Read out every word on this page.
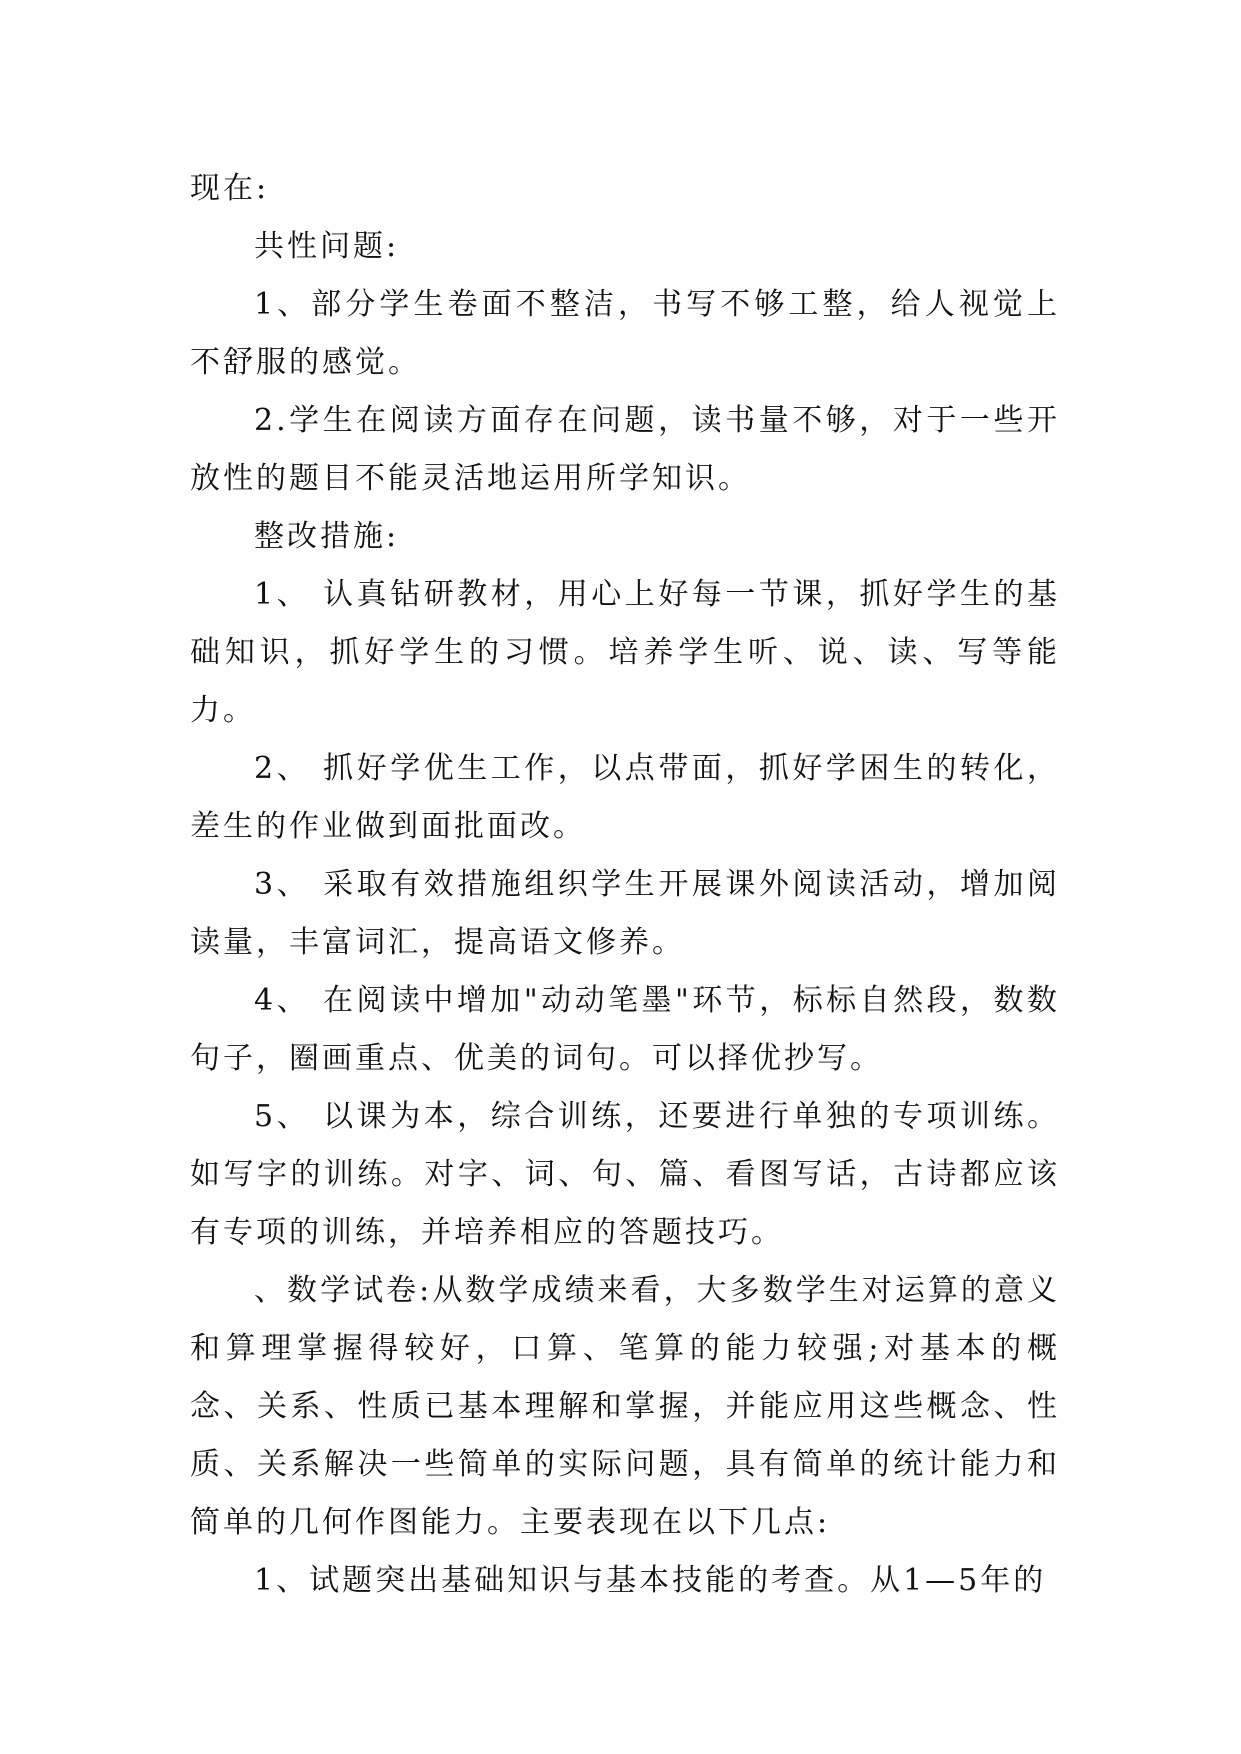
现在:

共性问题:

1、部分学生卷面不整洁，书写不够工整，给人视觉上不舒服的感觉。

2.学生在阅读方面存在问题，读书量不够，对于一些开放性的题目不能灵活地运用所学知识。

整改措施:

1、 认真钻研教材，用心上好每一节课，抓好学生的基础知识，抓好学生的习惯。培养学生听、说、读、写等能力。

2、 抓好学优生工作，以点带面，抓好学困生的转化，差生的作业做到面批面改。

3、 采取有效措施组织学生开展课外阅读活动，增加阅读量，丰富词汇，提高语文修养。

4、 在阅读中增加"动动笔墨"环节，标标自然段，数数句子，圈画重点、优美的词句。可以择优抄写。

5、 以课为本，综合训练，还要进行单独的专项训练。如写字的训练。对字、词、句、篇、看图写话，古诗都应该有专项的训练，并培养相应的答题技巧。

、数学试卷:从数学成绩来看，大多数学生对运算的意义和算理掌握得较好，口算、笔算的能力较强;对基本的概念、关系、性质已基本理解和掌握，并能应用这些概念、性质、关系解决一些简单的实际问题，具有简单的统计能力和简单的几何作图能力。主要表现在以下几点:

1、试题突出基础知识与基本技能的考查。从1—5年的
